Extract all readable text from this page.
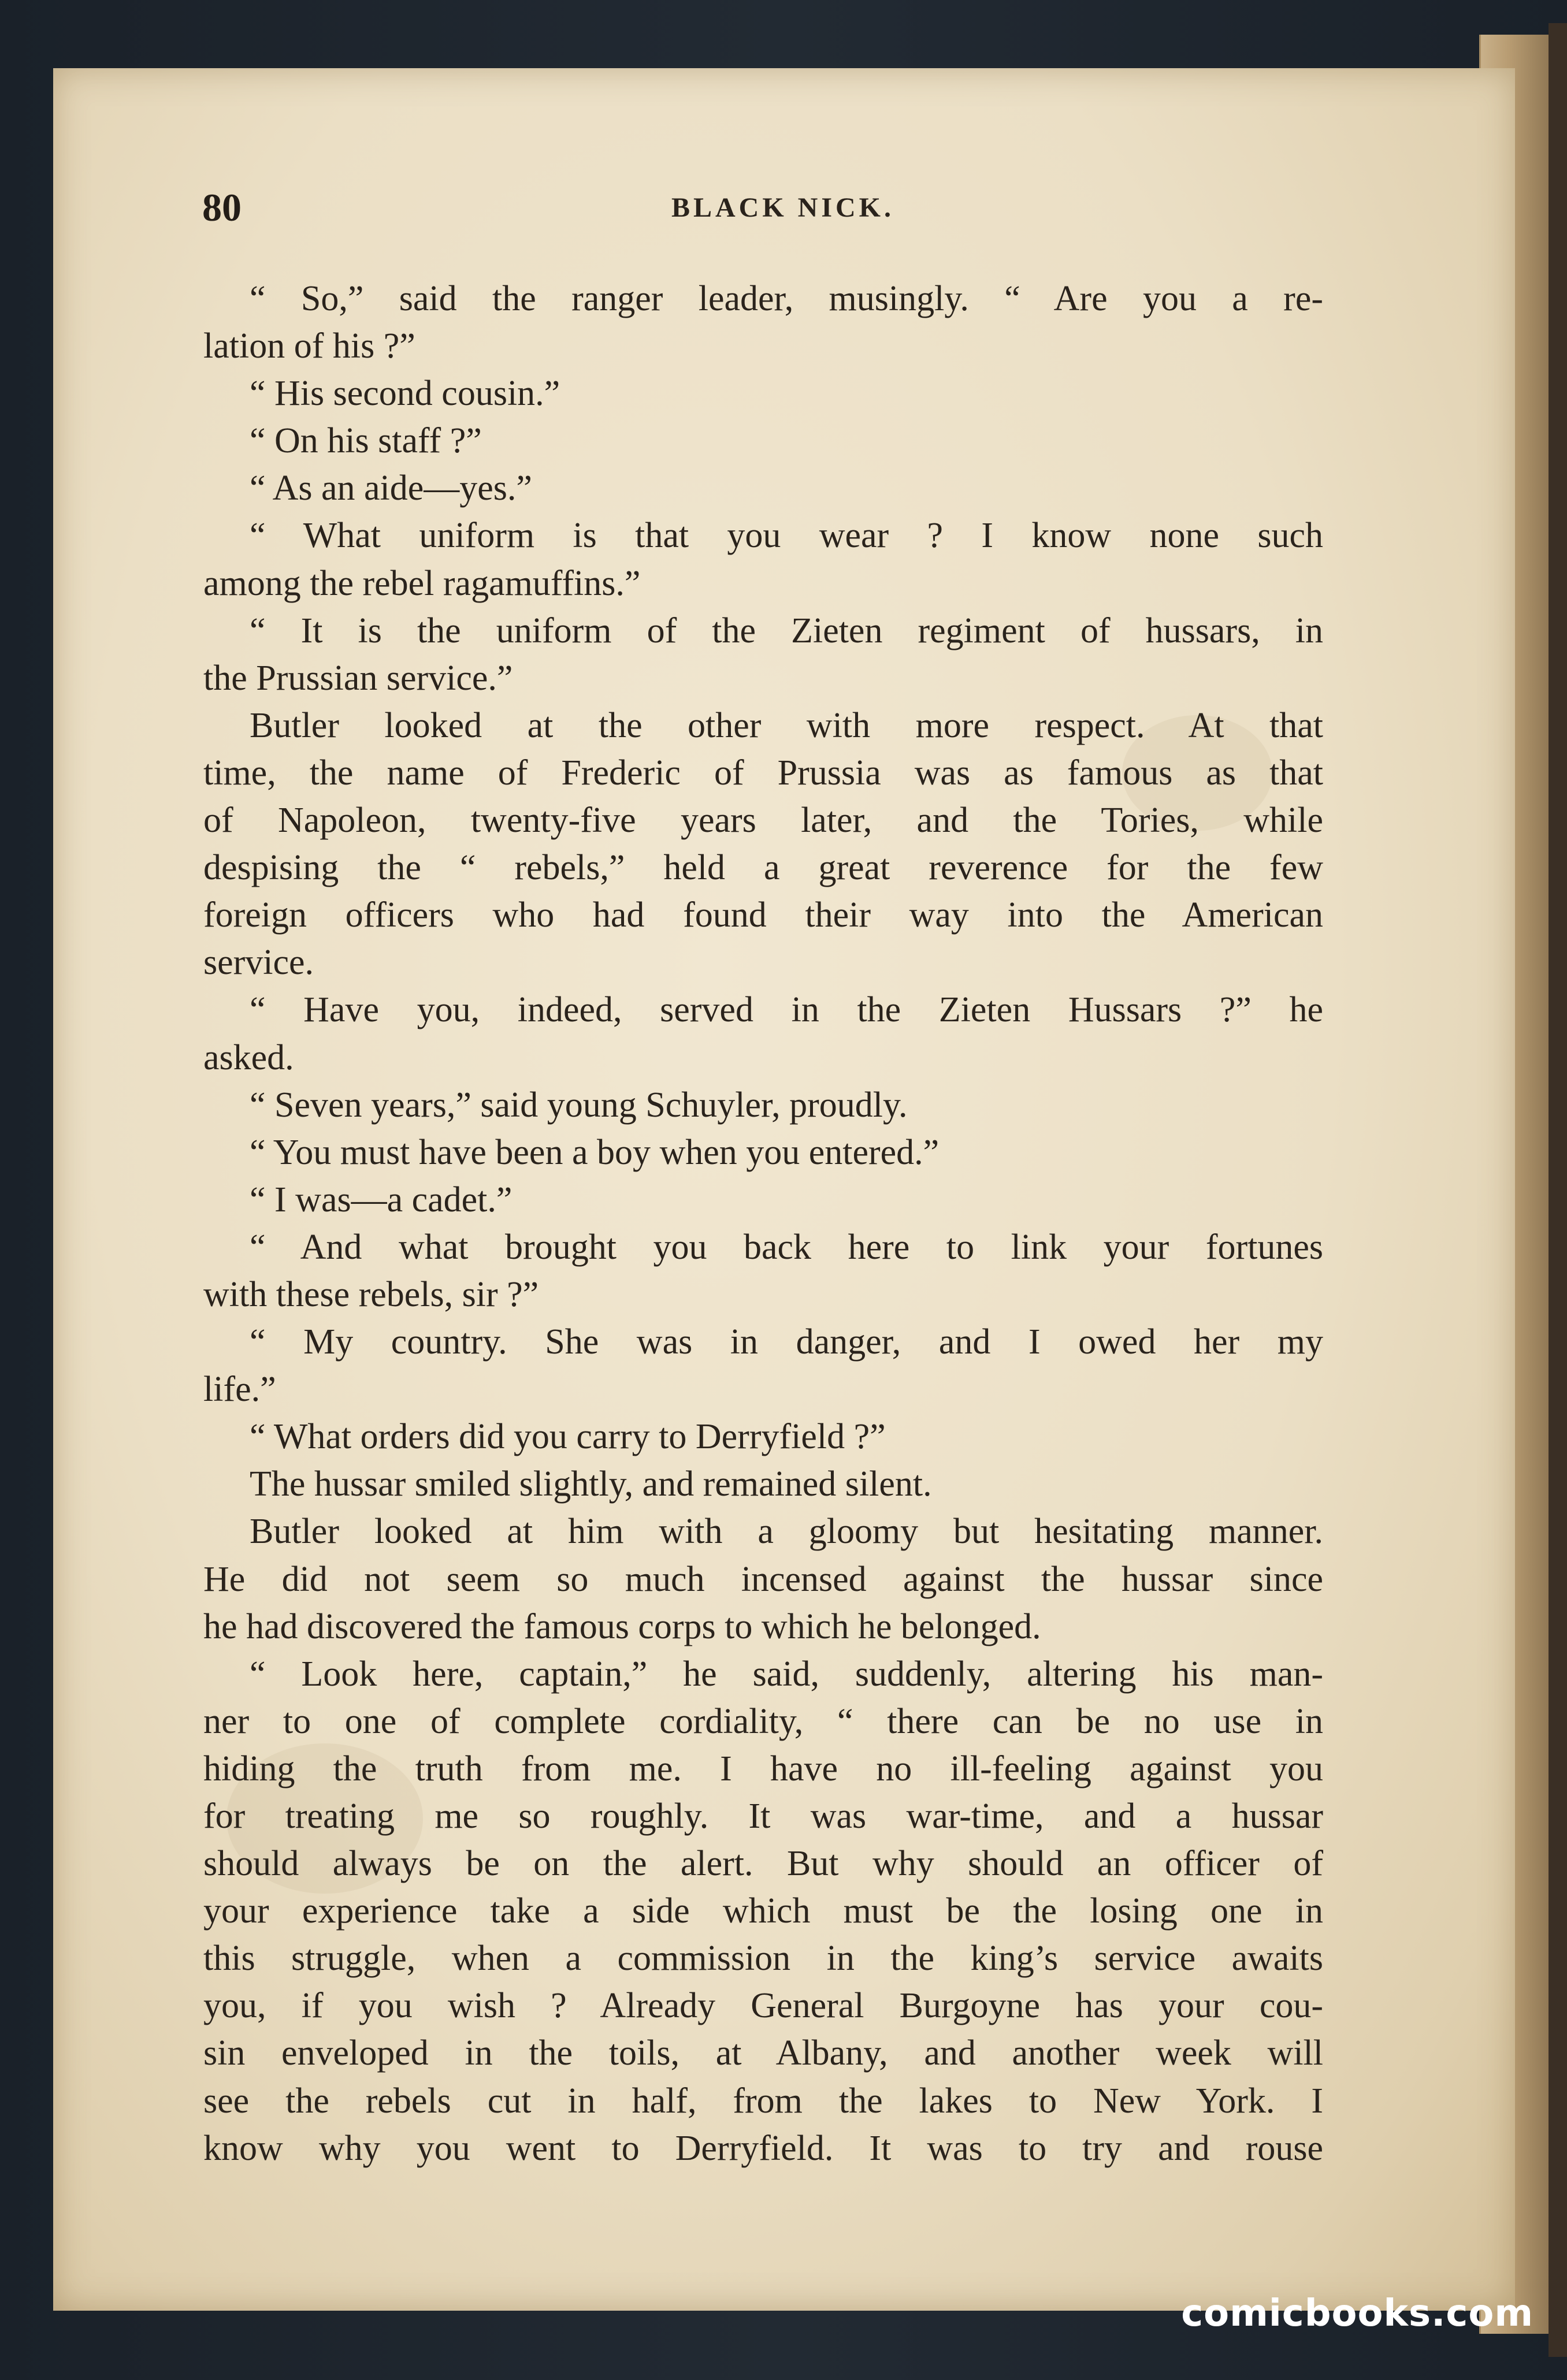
80	BLACK NICK.
“ So,” said the ranger leader, musingly. “ Are you a re-
lation of his ?”
“ His second cousin.”
“ On his staff ?”
“ As an aide—yes.”
“ What uniform is that you wear ? I know none such
among the rebel ragamuffins.”
“ It is the uniform of the Zieten regiment of hussars, in
the Prussian service.”
Butler looked at the other with more respect. At that
time, the name of Frederic of Prussia was as famous as that
of Napoleon, twenty-five years later, and the Tories, while
despising the “ rebels,” held a great reverence for the few
foreign officers who had found their way into the American
service.
“ Have you, indeed, served in the Zieten Hussars ?” he
asked.
“ Seven years,” said young Schuyler, proudly.
“ You must have been a boy when you entered.”
“ I was—a cadet.”
“ And what brought you back here to link your fortunes
with these rebels, sir ?”
“ My country. She was in danger, and I owed her my
life.”
“ What orders did you carry to Derryfield ?”
The hussar smiled slightly, and remained silent.
Butler looked at him with a gloomy but hesitating manner.
He did not seem so much incensed against the hussar since
he had discovered the famous corps to which he belonged.
“ Look here, captain,” he said, suddenly, altering his man-
ner to one of complete cordiality, “ there can be no use in
hiding the truth from me. I have no ill-feeling against you
for treating me so roughly. It was war-time, and a hussar
should always be on the alert. But why should an officer of
your experience take a side which must be the losing one in
this struggle, when a commission in the king’s service awaits
you, if you wish ? Already General Burgoyne has your cou-
sin enveloped in the toils, at Albany, and another week will
see the rebels cut in half, from the lakes to New York. I
know why you went to Derryfield. It was to try and rouse
comicbooks.com
